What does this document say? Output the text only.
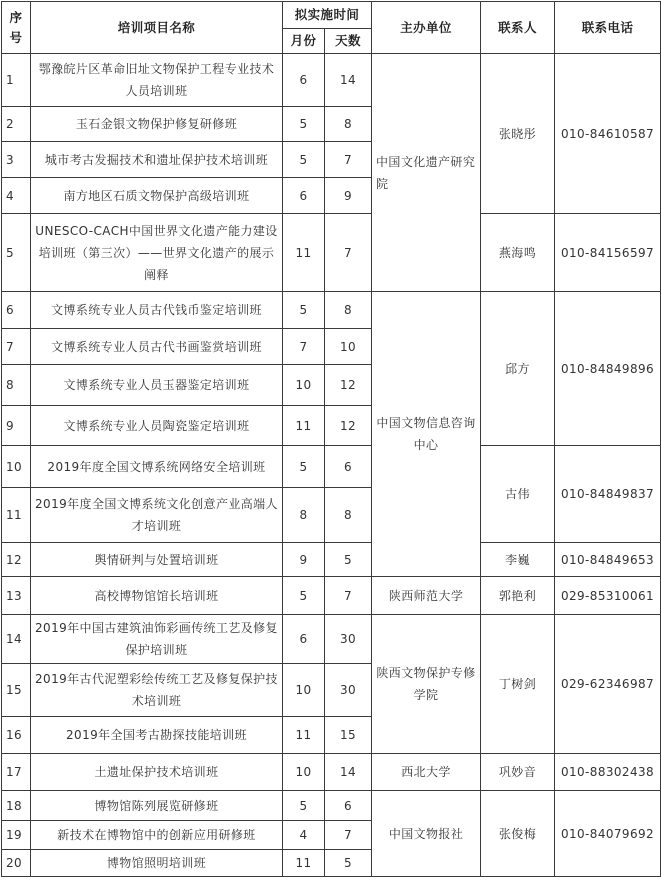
序号	培训项目名称	拟实施时间		主办单位	联系人	联系电话
		月份	天数			
1	鄂豫皖片区革命旧址文物保护工程专业技术人员培训班	6	14	中国文化遗产研究院	张晓彤	010-84610587
2	玉石金银文物保护修复研修班	5	8			
3	城市考古发掘技术和遗址保护技术培训班	5	7			
4	南方地区石质文物保护高级培训班	6	9			
5	UNESCO-CACH中国世界文化遗产能力建设培训班（第三次）——世界文化遗产的展示阐释	11	7		燕海鸣	010-84156597
6	文博系统专业人员古代钱币鉴定培训班	5	8	中国文物信息咨询中心	邱方	010-84849896
7	文博系统专业人员古代书画鉴赏培训班	7	10			
8	文博系统专业人员玉器鉴定培训班	10	12			
9	文博系统专业人员陶瓷鉴定培训班	11	12			
10	2019年度全国文博系统网络安全培训班	5	6		古伟	010-84849837
11	2019年度全国文博系统文化创意产业高端人才培训班	8	8			
12	舆情研判与处置培训班	9	5		李巍	010-84849653
13	高校博物馆馆长培训班	5	7	陕西师范大学	郭艳利	029-85310061
14	2019年中国古建筑油饰彩画传统工艺及修复保护培训班	6	30	陕西文物保护专修学院	丁树剑	029-62346987
15	2019年古代泥塑彩绘传统工艺及修复保护技术培训班	10	30			
16	2019年全国考古勘探技能培训班	11	15			
17	土遗址保护技术培训班	10	14	西北大学	巩妙音	010-88302438
18	博物馆陈列展览研修班	5	6	中国文物报社	张俊梅	010-84079692
19	新技术在博物馆中的创新应用研修班	4	7			
20	博物馆照明培训班	11	5			
